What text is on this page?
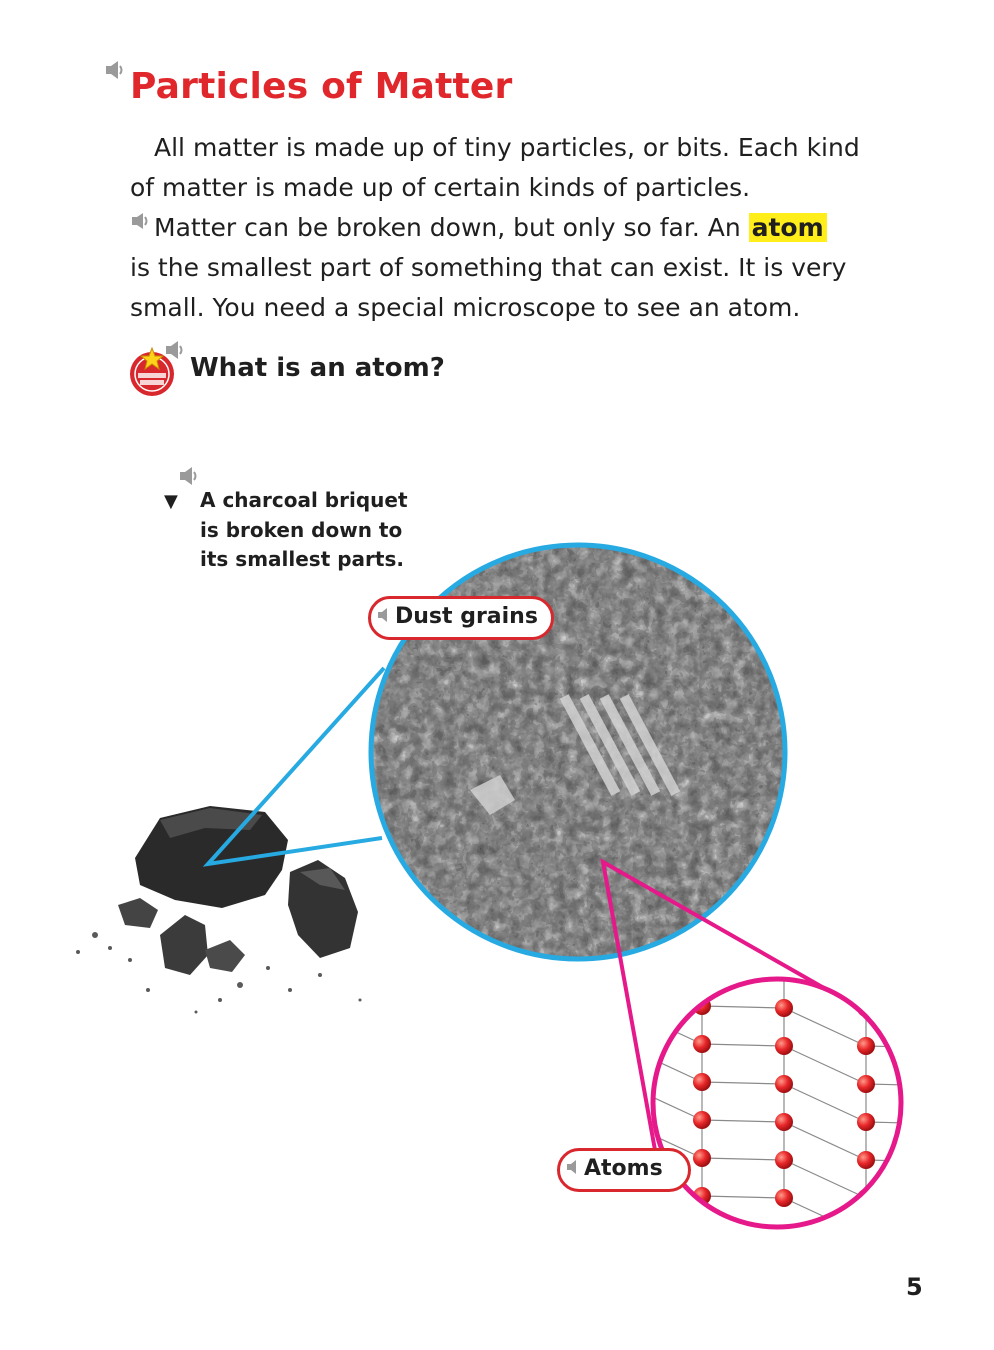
Particles of Matter
All matter is made up of tiny particles, or bits. Each kind
of matter is made up of certain kinds of particles.
Matter can be broken down, but only so far. An atom
is the smallest part of something that can exist. It is very
small. You need a special microscope to see an atom.

What is an atom?

▼ A charcoal briquet
is broken down to
its smallest parts.
Dust grains
Atoms

5
